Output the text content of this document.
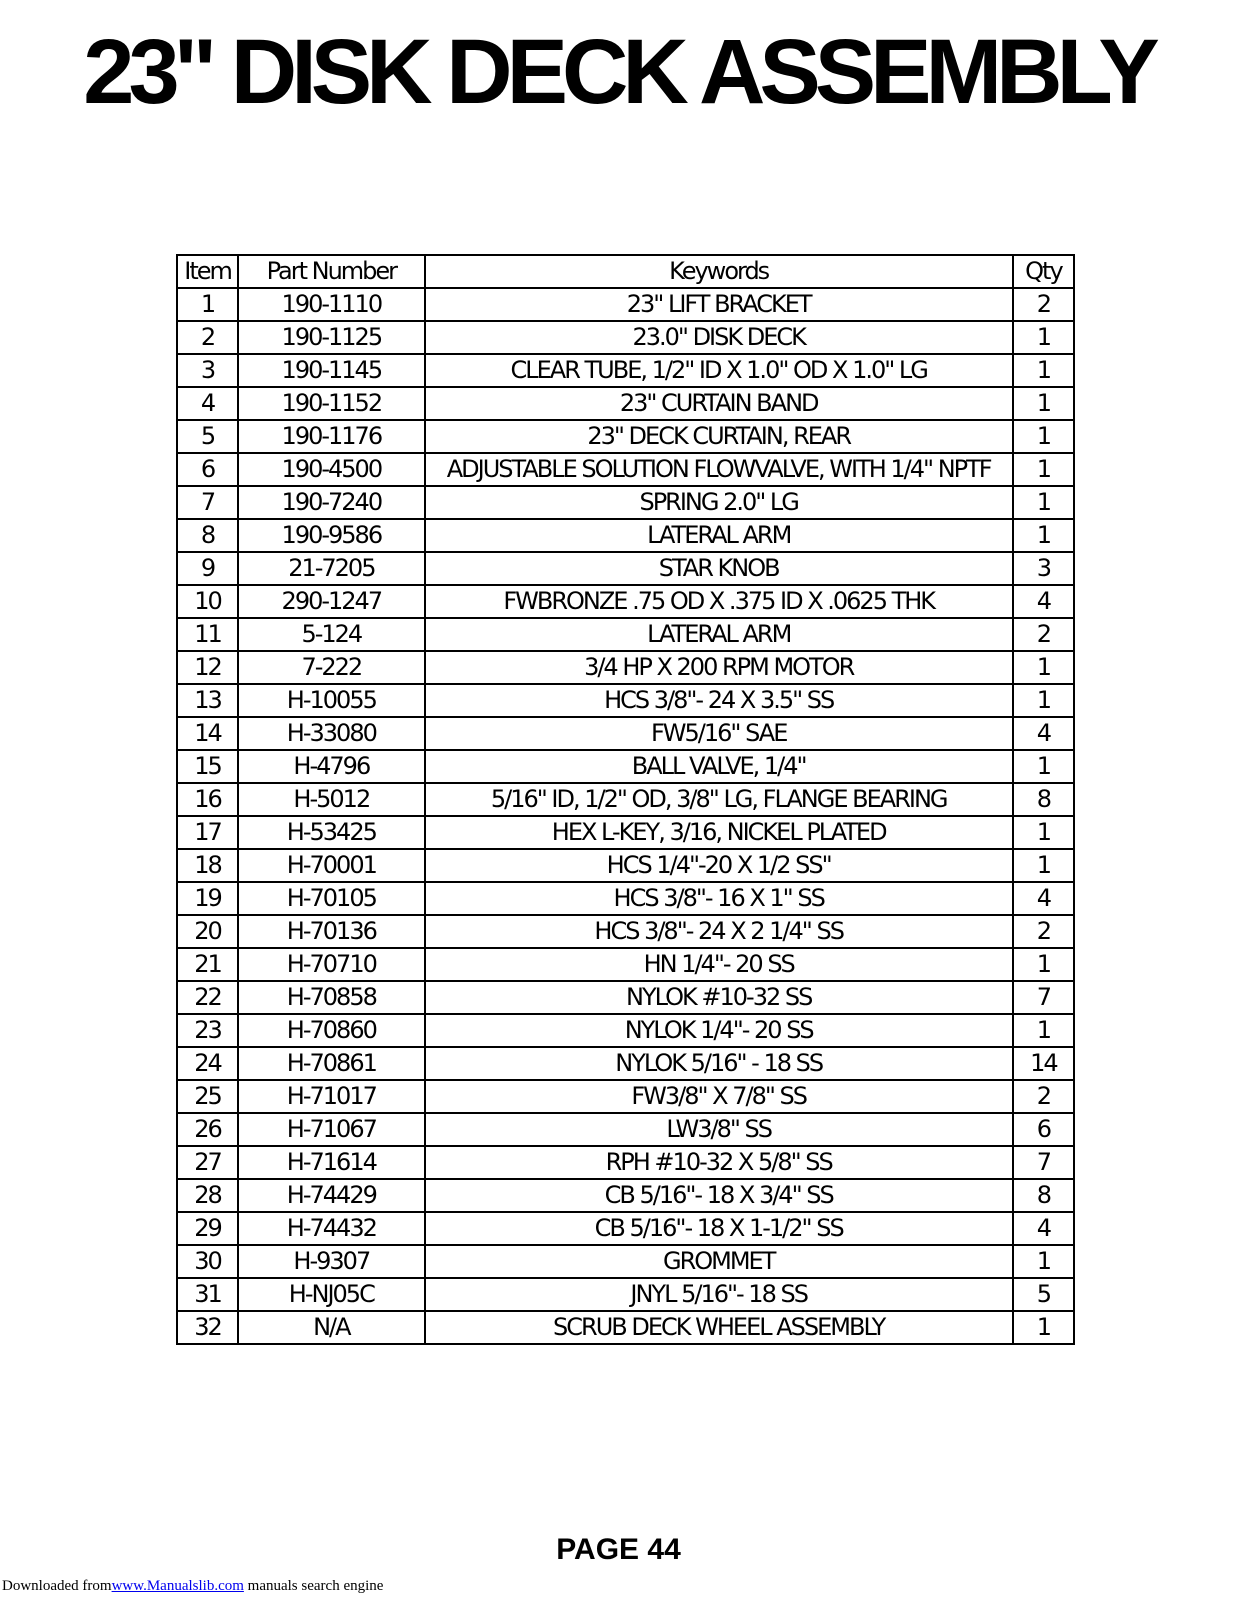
23" DISK DECK ASSEMBLY
Item	Part Number	Keywords	Qty
1	190-1110	23" LIFT BRACKET	2
2	190-1125	23.0" DISK DECK	1
3	190-1145	CLEAR TUBE, 1/2" ID X 1.0" OD X 1.0" LG	1
4	190-1152	23" CURTAIN BAND	1
5	190-1176	23" DECK CURTAIN, REAR	1
6	190-4500	ADJUSTABLE SOLUTION FLOWVALVE, WITH 1/4" NPTF	1
7	190-7240	SPRING 2.0" LG	1
8	190-9586	LATERAL ARM	1
9	21-7205	STAR KNOB	3
10	290-1247	FWBRONZE .75 OD X .375 ID X .0625 THK	4
11	5-124	LATERAL ARM	2
12	7-222	3/4 HP X 200 RPM MOTOR	1
13	H-10055	HCS 3/8"- 24 X 3.5" SS	1
14	H-33080	FW5/16" SAE	4
15	H-4796	BALL VALVE, 1/4"	1
16	H-5012	5/16" ID, 1/2" OD, 3/8" LG, FLANGE BEARING	8
17	H-53425	HEX L-KEY, 3/16, NICKEL PLATED	1
18	H-70001	HCS 1/4"-20 X 1/2 SS"	1
19	H-70105	HCS 3/8"- 16 X 1" SS	4
20	H-70136	HCS 3/8"- 24 X 2 1/4" SS	2
21	H-70710	HN 1/4"- 20 SS	1
22	H-70858	NYLOK #10-32 SS	7
23	H-70860	NYLOK 1/4"- 20 SS	1
24	H-70861	NYLOK 5/16" - 18 SS	14
25	H-71017	FW3/8" X 7/8" SS	2
26	H-71067	LW3/8" SS	6
27	H-71614	RPH #10-32 X 5/8" SS	7
28	H-74429	CB 5/16"- 18 X 3/4" SS	8
29	H-74432	CB 5/16"- 18 X 1-1/2" SS	4
30	H-9307	GROMMET	1
31	H-NJ05C	JNYL 5/16"- 18 SS	5
32	N/A	SCRUB DECK WHEEL ASSEMBLY	1
PAGE 44
Downloaded fromwww.Manualslib.com manuals search engine
